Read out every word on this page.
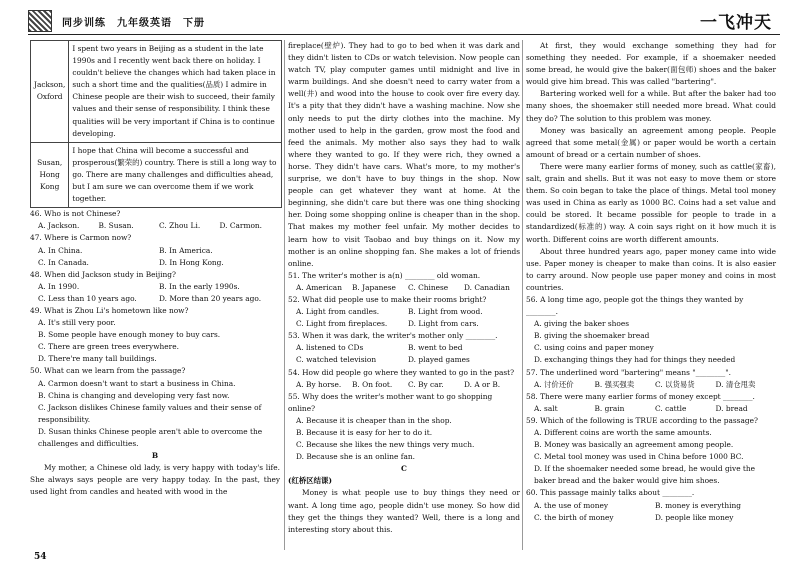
同步训练　九年级英语　下册	一飞冲天
Jackson, Oxford	I spent two years in Beijing as a student in the late 1990s and I recently went back there on holiday. I couldn't believe the changes which had taken place in such a short time and the qualities(品质) I admire in Chinese people are their wish to succeed, their family values and their sense of responsibility. I think these qualities will be very important if China is to continue developing.
Susan, Hong Kong	I hope that China will become a successful and prosperous(繁荣的) country. There is still a long way to go. There are many challenges and difficulties ahead, but I am sure we can overcome them if we work together.

46. Who is not Chinese?

A. Jackson.	B. Susan.	C. Zhou Li.	D. Carmon.

47. Where is Carmon now?

A. In China.	B. In America.
C. In Canada.	D. In Hong Kong.

48. When did Jackson study in Beijing?

A. In 1990.	B. In the early 1990s.
C. Less than 10 years ago.	D. More than 20 years ago.

49. What is Zhou Li's hometown like now?

A. It's still very poor.

B. Some people have enough money to buy cars.

C. There are green trees everywhere.

D. There're many tall buildings.

50. What can we learn from the passage?

A. Carmon doesn't want to start a business in China.

B. China is changing and developing very fast now.

C. Jackson dislikes Chinese family values and their sense of responsibility.

D. Susan thinks Chinese people aren't able to overcome the challenges and difficulties.

B

My mother, a Chinese old lady, is very happy with today's life. She always says people are very happy today. In the past, they used light from candles and heated with wood in the

fireplace(壁炉). They had to go to bed when it was dark and they didn't listen to CDs or watch television. Now people can watch TV, play computer games until midnight and live in warm buildings. And she doesn't need to carry water from a well(井) and wood into the house to cook over fire every day. It's a pity that they didn't have a washing machine. Now she only needs to put the dirty clothes into the machine. My mother used to help in the garden, grow most the food and feed the animals. My mother also says they had to walk where they wanted to go. If they were rich, they owned a horse. They didn't have cars. What's more, to my mother's surprise, we don't have to buy things in the shop. Now people can get whatever they want at home. At the beginning, she didn't care but there was one thing shocking her. Doing some shopping online is cheaper than in the shop. That makes my mother feel unfair. My mother decides to learn how to visit Taobao and buy things on it. Now my mother is an online shopping fan. She makes a lot of friends online.

51. The writer's mother is a(n) ________ old woman.

A. American	B. Japanese	C. Chinese	D. Canadian

52. What did people use to make their rooms bright?

A. Light from candles.	B. Light from wood.
C. Light from fireplaces.	D. Light from cars.

53. When it was dark, the writer's mother only ________.

A. listened to CDs	B. went to bed
C. watched television	D. played games

54. How did people go where they wanted to go in the past?

A. By horse.	B. On foot.	C. By car.	D. A or B.

55. Why does the writer's mother want to go shopping online?

A. Because it is cheaper than in the shop.

B. Because it is easy for her to do it.

C. Because she likes the new things very much.

D. Because she is an online fan.

C

(红桥区结课)

Money is what people use to buy things they need or want. A long time ago, people didn't use money. So how did they get the things they wanted? Well, there is a long and interesting story about this.

At first, they would exchange something they had for something they needed. For example, if a shoemaker needed some bread, he would give the baker(面包师) shoes and the baker would give him bread. This was called "bartering".

Bartering worked well for a while. But after the baker had too many shoes, the shoemaker still needed more bread. What could they do? The solution to this problem was money.

Money was basically an agreement among people. People agreed that some metal(金属) or paper would be worth a certain amount of bread or a certain number of shoes.

There were many earlier forms of money, such as cattle(家畜), salt, grain and shells. But it was not easy to move them or store them. So coin began to take the place of things. Metal tool money was used in China as early as 1000 BC. Coins had a set value and could be stored. It became possible for people to trade in a standardized(标准的) way. A coin says right on it how much it is worth. Different coins are worth different amounts.

About three hundred years ago, paper money came into wide use. Paper money is cheaper to make than coins. It is also easier to carry around. Now people use paper money and coins in most countries.

56. A long time ago, people got the things they wanted by ________.

A. giving the baker shoes

B. giving the shoemaker bread

C. using coins and paper money

D. exchanging things they had for things they needed

57. The underlined word "bartering" means "________".

A. 讨价还价	B. 强买强卖	C. 以货易货	D. 清仓甩卖

58. There were many earlier forms of money except ________.

A. salt	B. grain	C. cattle	D. bread

59. Which of the following is TRUE according to the passage?

A. Different coins are worth the same amounts.

B. Money was basically an agreement among people.

C. Metal tool money was used in China before 1000 BC.

D. If the shoemaker needed some bread, he would give the baker bread and the baker would give him shoes.

60. This passage mainly talks about ________.

A. the use of money	B. money is everything
C. the birth of money	D. people like money
54
